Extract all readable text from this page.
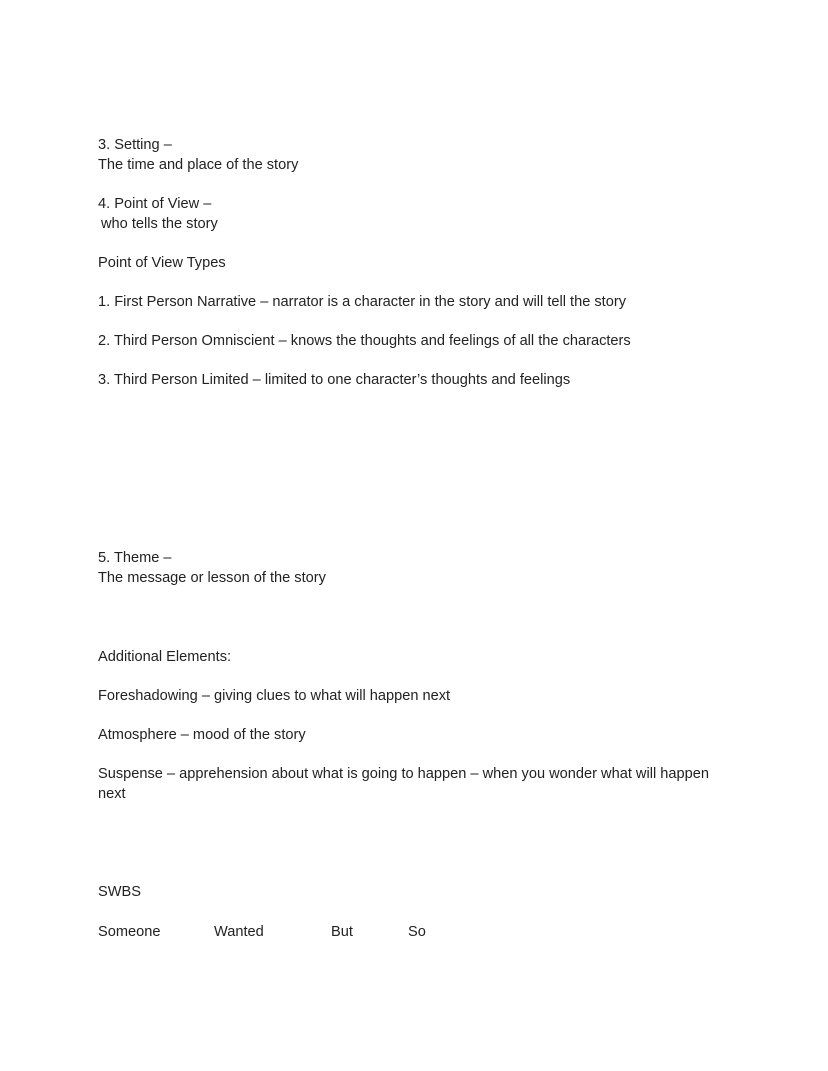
3. Setting –

The time and place of the story

4. Point of View –

who tells the story

Point of View Types

1. First Person Narrative – narrator is a character in the story and will tell the story

2. Third Person Omniscient – knows the thoughts and feelings of all the characters

3. Third Person Limited – limited to one character’s thoughts and feelings

5. Theme –

The message or lesson of the story

Additional Elements:

Foreshadowing – giving clues to what will happen next

Atmosphere – mood of the story

Suspense – apprehension about what is going to happen – when you wonder what will happen next

SWBS

Someone	Wanted	But	So
